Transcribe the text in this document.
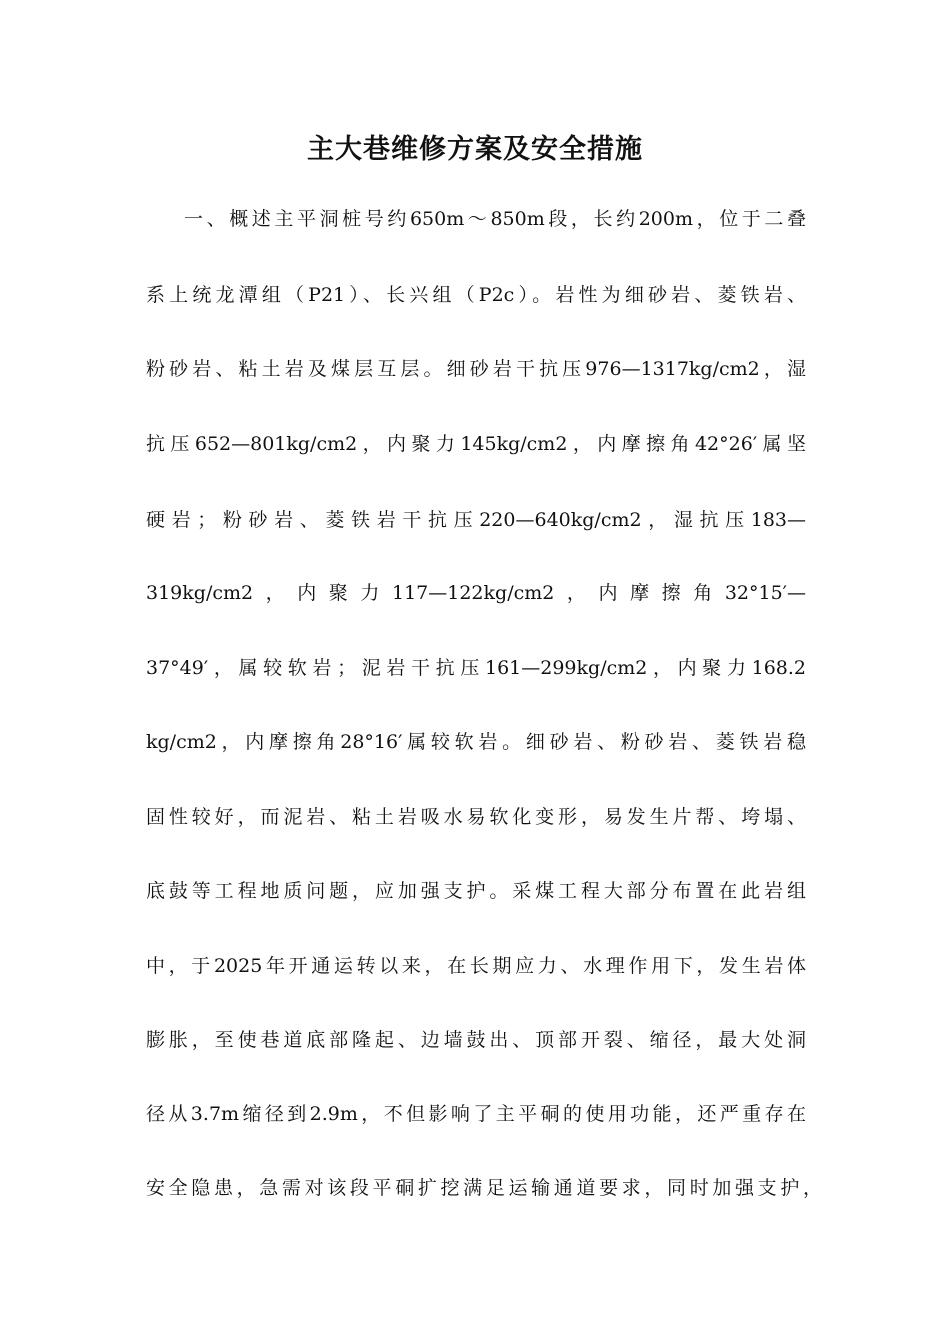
主大巷维修方案及安全措施
一、概述主平洞桩号约650m～850m段，长约200m，位于二叠
系上统龙潭组（P21）、长兴组（P2c）。岩性为细砂岩、菱铁岩、
粉砂岩、粘土岩及煤层互层。细砂岩干抗压976—1317kg/cm2，湿
抗压652—801kg/cm2，内聚力145kg/cm2，内摩擦角42°26′属坚
硬岩；粉砂岩、菱铁岩干抗压220—640kg/cm2，湿抗压183—
319kg/cm2，内聚力117—122kg/cm2，内摩擦角32°15′—
37°49′，属较软岩；泥岩干抗压161—299kg/cm2，内聚力168.2
kg/cm2，内摩擦角28°16′属较软岩。细砂岩、粉砂岩、菱铁岩稳
固性较好，而泥岩、粘土岩吸水易软化变形，易发生片帮、垮塌、
底鼓等工程地质问题，应加强支护。采煤工程大部分布置在此岩组
中，于2025年开通运转以来，在长期应力、水理作用下，发生岩体
膨胀，至使巷道底部隆起、边墙鼓出、顶部开裂、缩径，最大处洞
径从3.7m缩径到2.9m，不但影响了主平硐的使用功能，还严重存在
安全隐患，急需对该段平硐扩挖满足运输通道要求，同时加强支护，
